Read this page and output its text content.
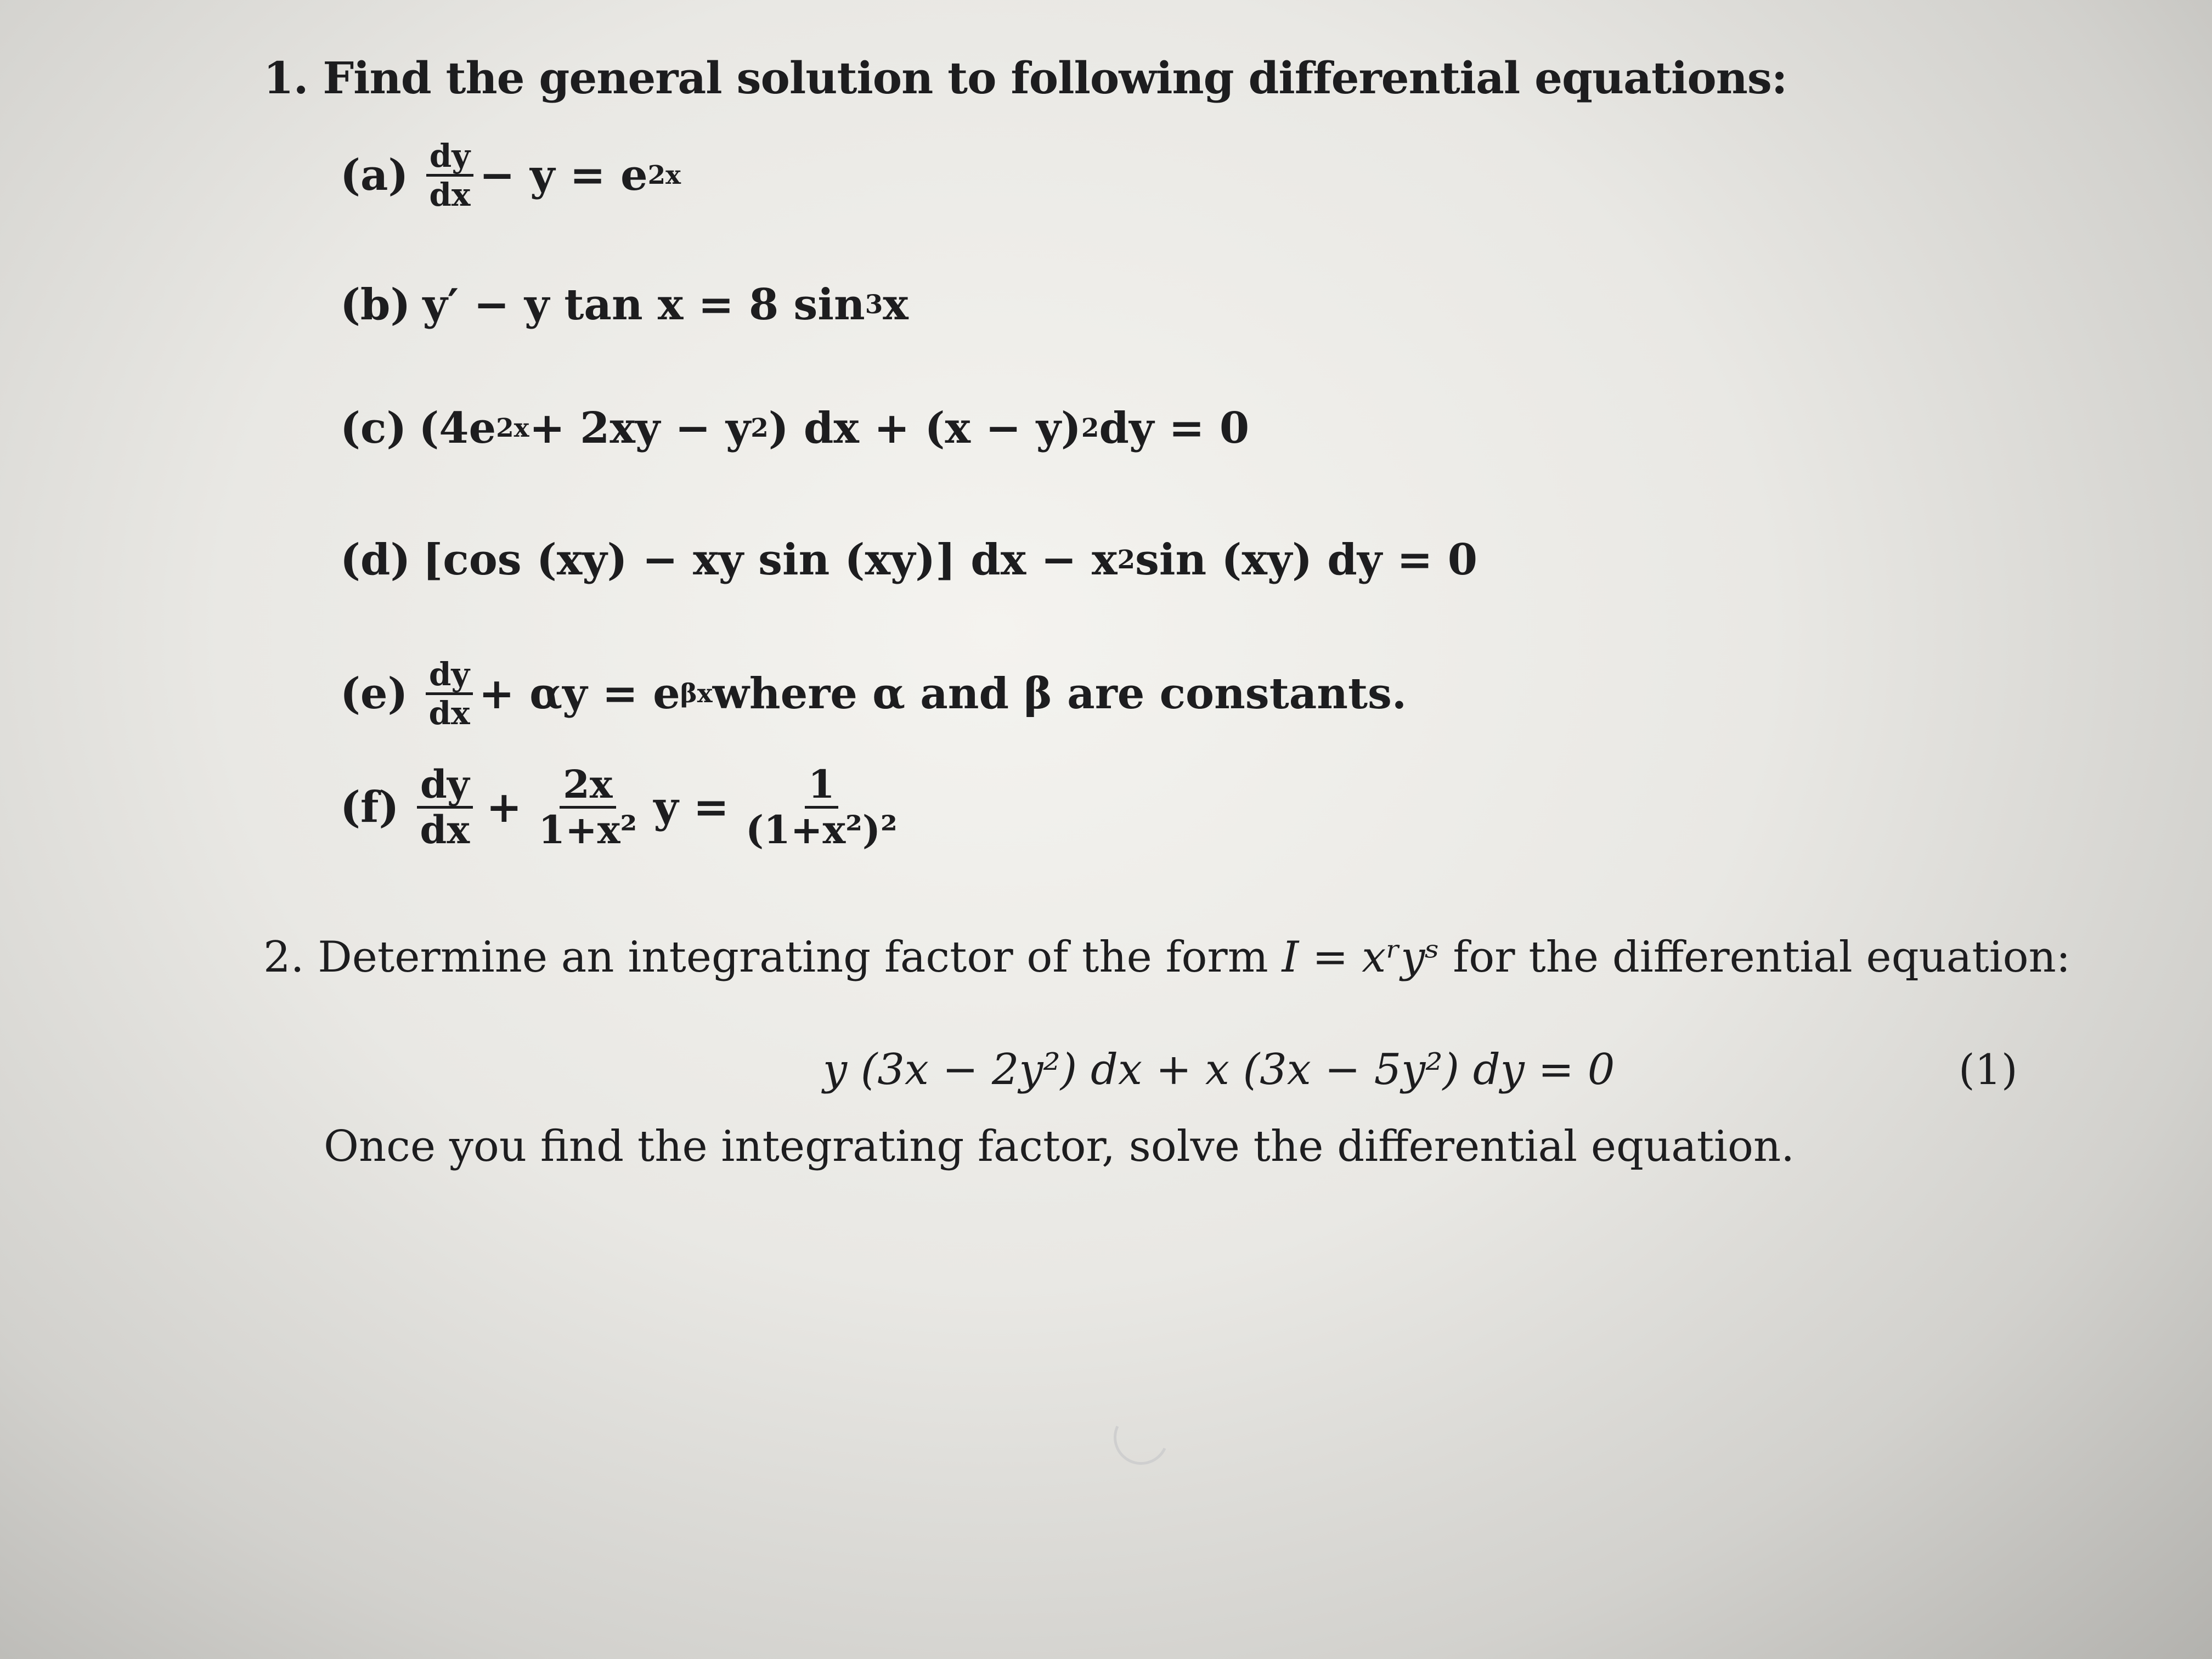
1. Find the general solution to following differential equations:
$(a) \frac{dy}{dx} - y = e$ 2x
(b) y′ − y tan x = 8 sin 3 x
(c) (4e 2x + 2xy − y 2 ) dx + (x − y) 2 dy = 0
(d) [cos (xy) − xy sin (xy)] dx − x 2 sin (xy) dy = 0
$(e) \frac{dy}{dx} + \alpha y = e$ βx where α and β are constants.
$(f) \frac{dy}{dx} + \frac{2x}{\text{1+x²}}$ $y = \frac{1}{\text{(1+x²)²}}$
2. Determine an integrating factor of the form I = xʳyˢ for the differential equation:
y (3x − 2y²) dx + x (3x − 5y²) dy = 0	(1)
Once you find the integrating factor, solve the differential equation.
